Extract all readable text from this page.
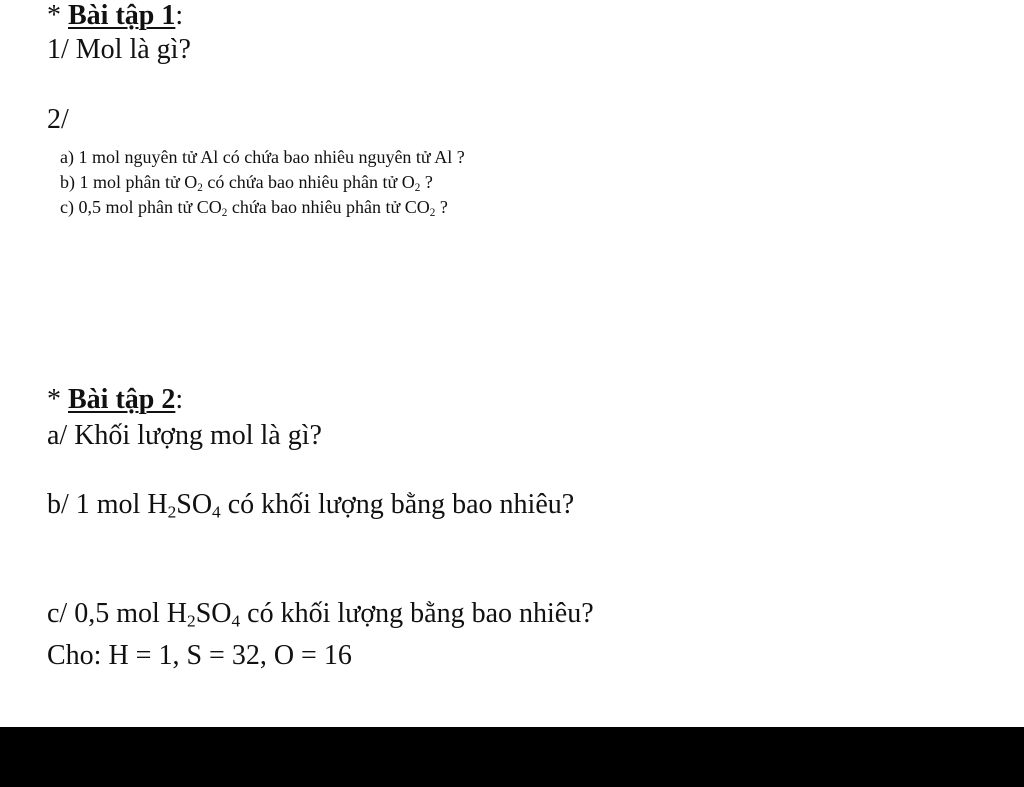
* Bài tập 1:
1/ Mol là gì?
2/
a) 1 mol nguyên tử Al có chứa bao nhiêu nguyên tử Al ?
b) 1 mol phân tử $O_2$ có chứa bao nhiêu phân tử $O_2$ ?
c) 0,5 mol phân tử $CO_2$ chứa bao nhiêu phân tử $CO_2$ ?
* Bài tập 2:
a/ Khối lượng mol là gì?
b/ 1 mol $H_2SO_4$ có khối lượng bằng bao nhiêu?
c/ 0,5 mol $H_2SO_4$ có khối lượng bằng bao nhiêu?
Cho: H = 1, S = 32, O = 16
